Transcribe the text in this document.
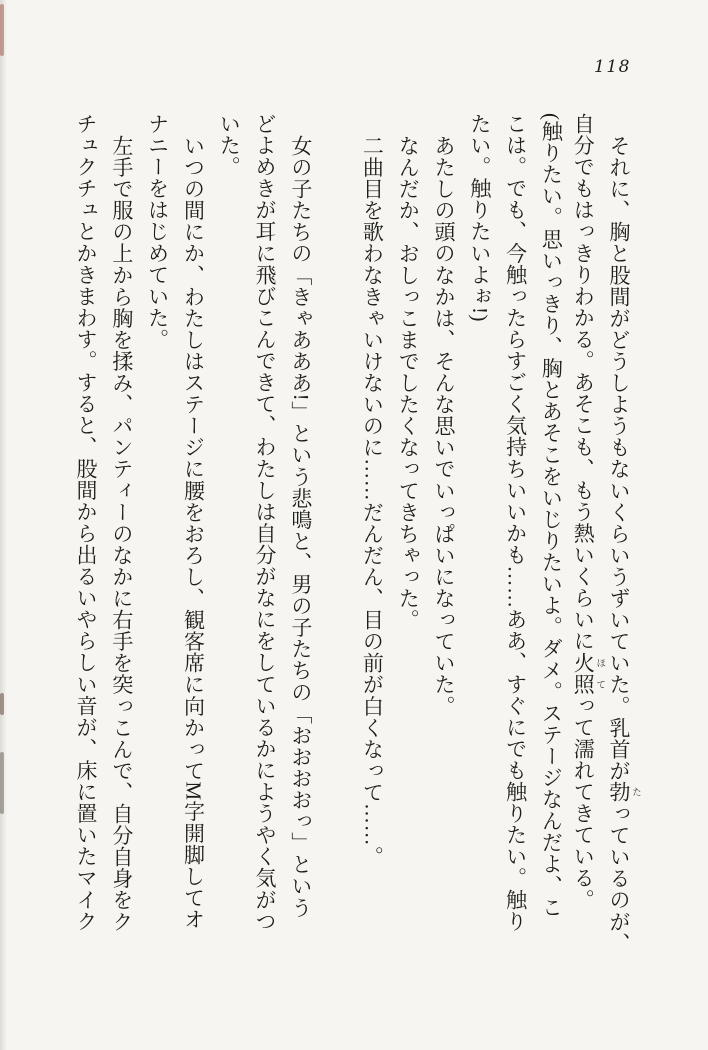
118
それに、胸と股間がどうしようもないくらいうずいていた。乳首が勃 たっているのが、
自分でもはっきりわかる。あそこも、もう熱いくらいに火照 ほてって濡れてきている。
(触りたい。思いっきり、胸とあそこをいじりたいよ。ダメ。ステージなんだよ、こ
こは。でも、今触ったらすごく気持ちいいかも……ああ、すぐにでも触りたい。触り
たい。触りたいよぉ!)
あたしの頭のなかは、そんな思いでいっぱいになっていた。
なんだか、おしっこまでしたくなってきちゃった。
二曲目を歌わなきゃいけないのに……だんだん、目の前が白くなって……。
女の子たちの「きゃあああ!」という悲鳴と、男の子たちの「おおおおっ」という
どよめきが耳に飛びこんできて、わたしは自分がなにをしているかにようやく気がつ
いた。
いつの間にか、わたしはステージに腰をおろし、観客席に向かってM字開脚してオ
ナニーをはじめていた。
左手で服の上から胸を揉み、パンティーのなかに右手を突っこんで、自分自身をク
チュクチュとかきまわす。すると、股間から出るいやらしい音が、床に置いたマイク
